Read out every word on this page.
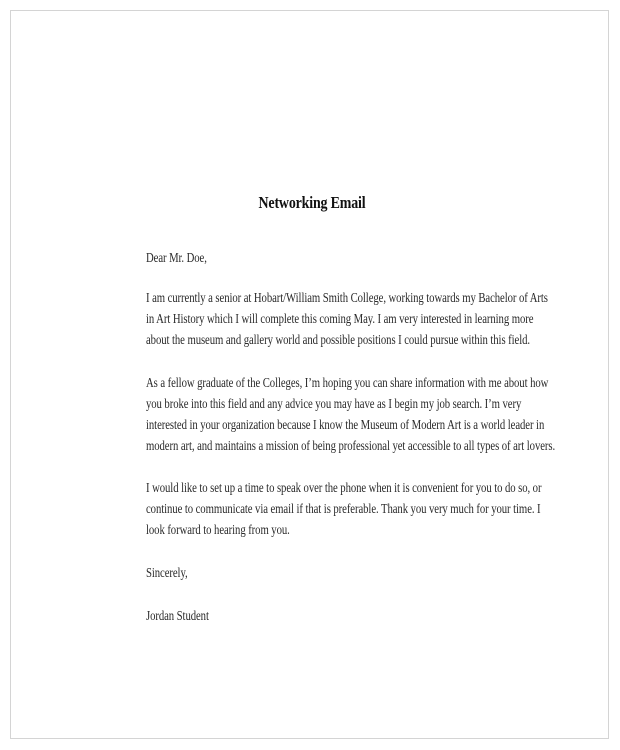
Networking Email
Dear Mr. Doe,
I am currently a senior at Hobart/William Smith College, working towards my Bachelor of Arts
in Art History which I will complete this coming May. I am very interested in learning more
about the museum and gallery world and possible positions I could pursue within this field.
As a fellow graduate of the Colleges, I’m hoping you can share information with me about how
you broke into this field and any advice you may have as I begin my job search. I’m very
interested in your organization because I know the Museum of Modern Art is a world leader in
modern art, and maintains a mission of being professional yet accessible to all types of art lovers.
I would like to set up a time to speak over the phone when it is convenient for you to do so, or
continue to communicate via email if that is preferable. Thank you very much for your time. I
look forward to hearing from you.
Sincerely,
Jordan Student
